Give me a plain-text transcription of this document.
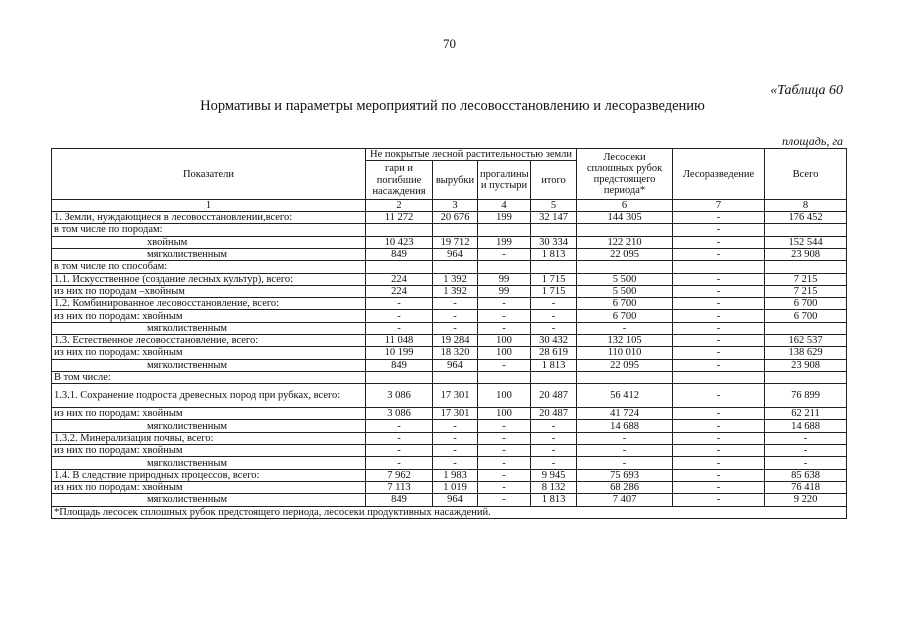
70
«Таблица 60
Нормативы и параметры мероприятий по лесовосстановлению и лесоразведению
площадь, га
Показатели	Не покрытые лесной растительностью земли				Лесосеки сплошных рубок предстоящего периода*	Лесоразведение	Всего
	гари и погибшие насаждения	вырубки	прогалины и пустыри	итого			
1	2	3	4	5	6	7	8
1. Земли, нуждающиеся в лесовосстановлении,всего:	11 272	20 676	199	32 147	144 305	-	176 452
в том числе по породам:						-	
хвойным	10 423	19 712	199	30 334	122 210	-	152 544
мягколиственным	849	964	-	1 813	22 095	-	23 908
в том числе по способам:							
1.1. Искусственное (создание лесных культур), всего:	224	1 392	99	1 715	5 500	-	7 215
из них по породам –хвойным	224	1 392	99	1 715	5 500	-	7 215
1.2. Комбинированное лесовосстановление, всего:	-	-	-	-	6 700	-	6 700
из них по породам: хвойным	-	-	-	-	6 700	-	6 700
мягколиственным	-	-	-	-	-	-	
1.3. Естественное лесовосстановление, всего:	11 048	19 284	100	30 432	132 105	-	162 537
из них по породам: хвойным	10 199	18 320	100	28 619	110 010	-	138 629
мягколиственным	849	964	-	1 813	22 095	-	23 908
В том числе:							
1.3.1. Сохранение подроста древесных пород при рубках, всего:	3 086	17 301	100	20 487	56 412	-	76 899
из них по породам: хвойным	3 086	17 301	100	20 487	41 724	-	62 211
мягколиственным	-	-	-	-	14 688	-	14 688
1.3.2. Минерализация почвы, всего:	-	-	-	-	-	-	-
из них по породам: хвойным	-	-	-	-	-	-	-
мягколиственным	-	-	-	-	-	-	-
1.4. В следствие природных процессов, всего:	7 962	1 983	-	9 945	75 693	-	85 638
из них по породам: хвойным	7 113	1 019	-	8 132	68 286	-	76 418
мягколиственным	849	964	-	1 813	7 407	-	9 220
*Площадь лесосек сплошных рубок предстоящего периода, лесосеки продуктивных насаждений.							
